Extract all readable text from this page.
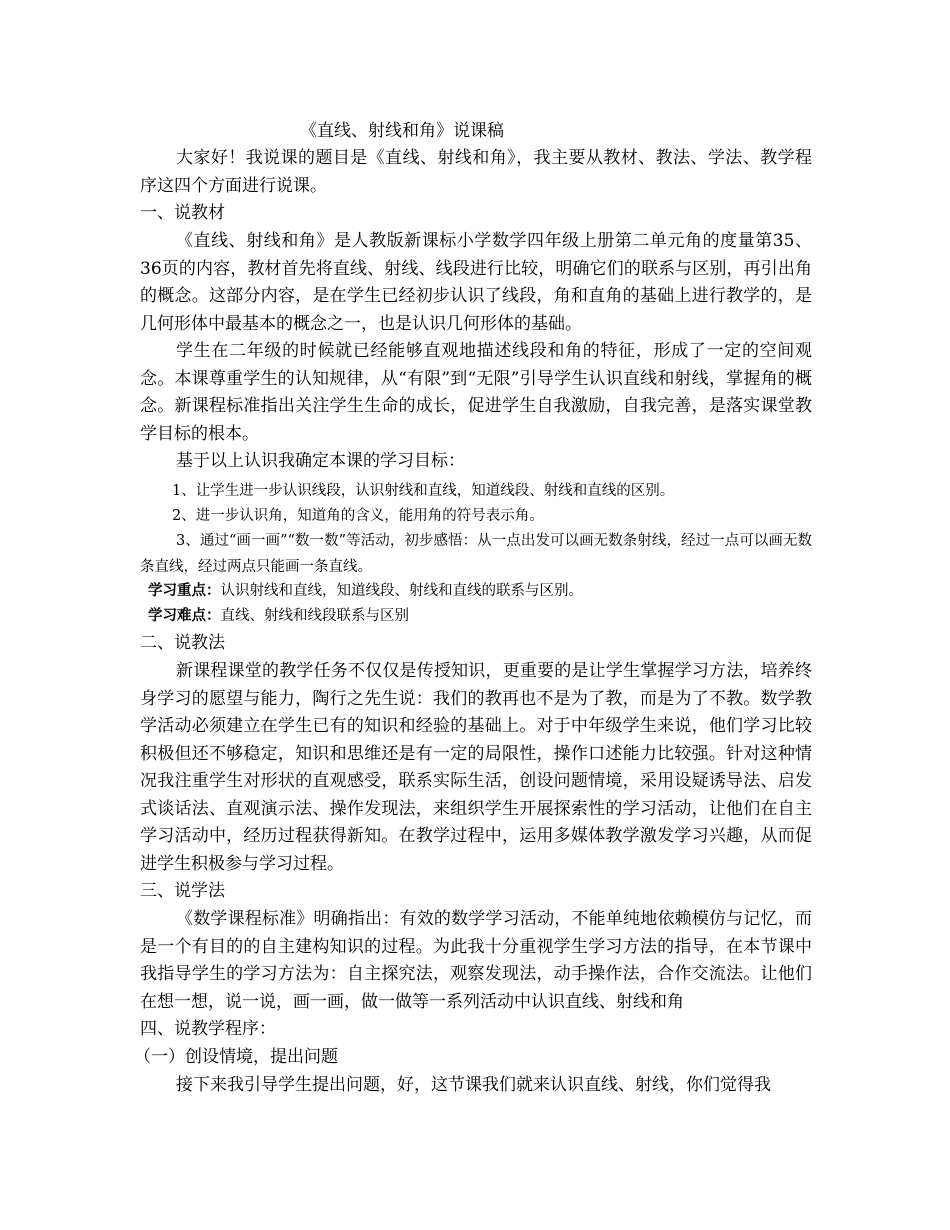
《直线、射线和角》说课稿
大家好！我说课的题目是《直线、射线和角》，我主要从教材、教法、学法、教学程序这四个方面进行说课。
一、说教材
《直线、射线和角》是人教版新课标小学数学四年级上册第二单元角的度量第35、36页的内容，教材首先将直线、射线、线段进行比较，明确它们的联系与区别，再引出角的概念。这部分内容，是在学生已经初步认识了线段，角和直角的基础上进行教学的，是几何形体中最基本的概念之一，也是认识几何形体的基础。
学生在二年级的时候就已经能够直观地描述线段和角的特征，形成了一定的空间观念。本课尊重学生的认知规律，从“有限”到“无限”引导学生认识直线和射线，掌握角的概念。新课程标准指出关注学生生命的成长，促进学生自我激励，自我完善，是落实课堂教学目标的根本。
基于以上认识我确定本课的学习目标：
1、让学生进一步认识线段，认识射线和直线，知道线段、射线和直线的区别。
2、进一步认识角，知道角的含义，能用角的符号表示角。
3、通过“画一画”“数一数”等活动，初步感悟：从一点出发可以画无数条射线，经过一点可以画无数条直线，经过两点只能画一条直线。
学习重点：认识射线和直线，知道线段、射线和直线的联系与区别。
学习难点：直线、射线和线段联系与区别
二、说教法
新课程课堂的教学任务不仅仅是传授知识，更重要的是让学生掌握学习方法，培养终身学习的愿望与能力，陶行之先生说：我们的教再也不是为了教，而是为了不教。数学教学活动必须建立在学生已有的知识和经验的基础上。对于中年级学生来说，他们学习比较积极但还不够稳定，知识和思维还是有一定的局限性，操作口述能力比较强。针对这种情况我注重学生对形状的直观感受，联系实际生活，创设问题情境，采用设疑诱导法、启发式谈话法、直观演示法、操作发现法，来组织学生开展探索性的学习活动，让他们在自主学习活动中，经历过程获得新知。在教学过程中，运用多媒体教学激发学习兴趣，从而促进学生积极参与学习过程。
三、说学法
《数学课程标准》明确指出：有效的数学学习活动，不能单纯地依赖模仿与记忆，而是一个有目的的自主建构知识的过程。为此我十分重视学生学习方法的指导，在本节课中我指导学生的学习方法为：自主探究法，观察发现法，动手操作法，合作交流法。让他们在想一想，说一说，画一画，做一做等一系列活动中认识直线、射线和角
四、说教学程序：
（一）创设情境，提出问题
接下来我引导学生提出问题，好，这节课我们就来认识直线、射线，你们觉得我
